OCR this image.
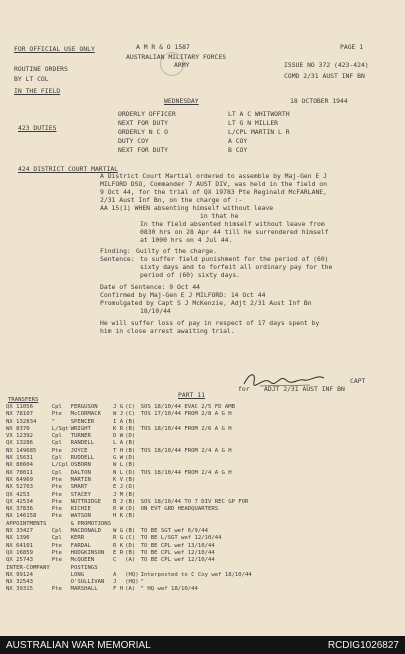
FOR OFFICIAL USE ONLY	A M R & O 1587	PAGE 1
AUSTRALIAN MILITARY FORCES
ARMY
ROUTINE ORDERS	ISSUE NO 372 (423-424)
BY LT COL	COMD 2/31 AUST INF BN
IN THE FIELD
WEDNESDAY	18 OCTOBER 1944
423 DUTIES
ORDERLY OFFICER	LT A C WHITWORTH
NEXT FOR DUTY	LT G N MILLER
ORDERLY N C O	L/CPL MARTIN L R
DUTY COY	A COY
NEXT FOR DUTY	B COY
424 DISTRICT COURT MARTIAL
A District Court Martial ordered to assemble by Maj-Gen E J
MILFORD DSO, Commander 7 AUST DIV, was held in the field on
9 Oct 44, for the trial of QX 19783 Pte Reginald McFARLANE,
2/31 Aust Inf Bn, on the charge of :-
AA 15(1) WHEN absenting himself without leave
in that he
In the field absented himself without leave from
0830 hrs on 28 Apr 44 till he surrendered himself
at 1000 hrs on 4 Jul 44.
Finding: Guilty of the charge.
Sentence: to suffer field punishment for the period of (60)
sixty days and to forfeit all ordinary pay for the
period of (60) sixty days.
Date of Sentence: 9 Oct 44
Confirmed by Maj-Gen E J MILFORD: 14 Oct 44
Promulgated by Capt S J McKenzie, Adjt 2/31 Aust Inf Bn
18/10/44
He will suffer loss of pay in respect of 17 days spent by
him in close arrest awaiting trial.
for
CAPT
ADJT 2/31 AUST INF BN
PART 11
TRANSFERS
QX 11056	Cpl	FERGUSON	J G	(C)	SOS 18/10/44 EVAC 2/5 FD AMB
NX 78107	Pte	McCORMACK	W J	(C)	TOS 17/10/44 FROM 2/8 A G H
NX 132834	"	SPENCER	I A	(B)	
WX 8370	L/Sgt	WRIGHT	K R	(B)	TOS 18/10/44 FROM 2/6 A G H
VX 12392	Cpl	TURNER	D W	(D)	
QX 13286	Cpl	RANDELL	L A	(B)	
NX 149685	Pte	JOYCE	T H	(B)	TOS 18/10/44 FROM 2/4 A G H
NX 15631	Cpl	RUDDELL	G W	(D)	
NX 88604	L/Cpl	OSBORN	W L	(B)	
NX 78011	Cpl	DALTON	N L	(D)	TOS 18/10/44 FROM 2/4 A G H
NX 64969	Pte	MARTIN	K V	(B)	
NX 52763	Pte	SMART	E J	(D)	
QX 4253	Pte	STACEY	J M	(B)	
QX 42534	Pte	NUTTRIDGE	B J	(B)	SOS 18/10/44 TO 7 DIV REC GP FOR
NX 37836	Pte	RICHIE	R W	(D)	ON EVT GRD HEADQUARTERS
NX 146158	Pte	WATSON	H K	(B)	
APPOINTMENTS		& PROMOTIONS			
NX 33427	Cpl	MACDONALD	W G	(B)	TO BE SGT wef 6/9/44
NX 1396	Cpl	KERR	R G	(C)	TO BE L/SGT wef 12/10/44
NX 64101	Pte	FARDAL	R K	(D)	TO BE CPL wef 13/10/44
QX 16859	Pte	HODGKINSON	E R	(B)	TO BE CPL wef 12/10/44
QX 25743	Pte	McQUEEN	C	(A)	TO BE CPL wef 12/10/44
INTER-COMPANY		POSTINGS			
NX 99124		LONG	A	(HQ)	Interposted to C Coy wef 18/10/44
NX 32543		O'SULLIVAN	J	(HQ)	"
NX 39315	Pte	MARSHALL	F H	(A)	" HQ wef 18/10/44
AUSTRALIAN WAR MEMORIAL	RCDIG1026827
